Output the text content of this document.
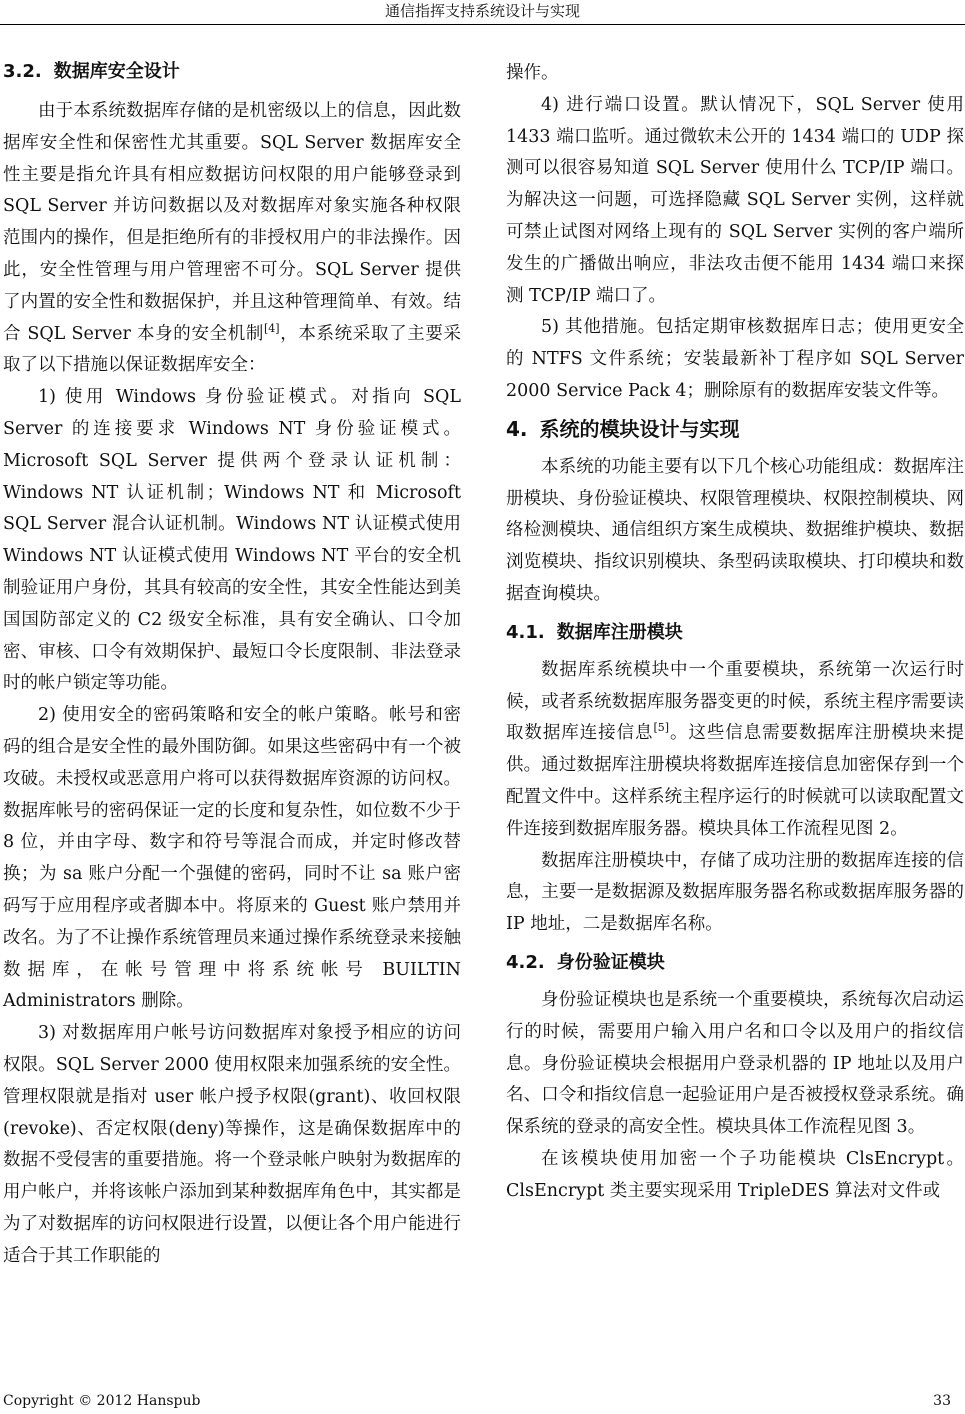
通信指挥支持系统设计与实现
3.2. 数据库安全设计

由于本系统数据库存储的是机密级以上的信息，因此数据库安全性和保密性尤其重要。SQL Server 数据库安全性主要是指允许具有相应数据访问权限的用户能够登录到 SQL Server 并访问数据以及对数据库对象实施各种权限范围内的操作，但是拒绝所有的非授权用户的非法操作。因此，安全性管理与用户管理密不可分。SQL Server 提供了内置的安全性和数据保护，并且这种管理简单、有效。结合 SQL Server 本身的安全机制[4]，本系统采取了主要采取了以下措施以保证数据库安全：

1) 使用 Windows 身份验证模式。对指向 SQL Server 的连接要求 Windows NT 身份验证模式。Microsoft SQL Server 提供两个登录认证机制：Windows NT 认证机制；Windows NT 和 Microsoft SQL Server 混合认证机制。Windows NT 认证模式使用 Windows NT 认证模式使用 Windows NT 平台的安全机制验证用户身份，其具有较高的安全性，其安全性能达到美国国防部定义的 C2 级安全标准，具有安全确认、口令加密、审核、口令有效期保护、最短口令长度限制、非法登录时的帐户锁定等功能。

2) 使用安全的密码策略和安全的帐户策略。帐号和密码的组合是安全性的最外围防御。如果这些密码中有一个被攻破。未授权或恶意用户将可以获得数据库资源的访问权。数据库帐号的密码保证一定的长度和复杂性，如位数不少于 8 位，并由字母、数字和符号等混合而成，并定时修改替换；为 sa 账户分配一个强健的密码，同时不让 sa 账户密码写于应用程序或者脚本中。将原来的 Guest 账户禁用并改名。为了不让操作系统管理员来通过操作系统登录来接触数据库，在帐号管理中将系统帐号 BUILTIN Administrators 删除。

3) 对数据库用户帐号访问数据库对象授予相应的访问权限。SQL Server 2000 使用权限来加强系统的安全性。管理权限就是指对 user 帐户授予权限(grant)、收回权限(revoke)、否定权限(deny)等操作，这是确保数据库中的数据不受侵害的重要措施。将一个登录帐户映射为数据库的用户帐户，并将该帐户添加到某种数据库角色中，其实都是为了对数据库的访问权限进行设置，以便让各个用户能进行适合于其工作职能的

操作。

4) 进行端口设置。默认情况下，SQL Server 使用 1433 端口监听。通过微软未公开的 1434 端口的 UDP 探测可以很容易知道 SQL Server 使用什么 TCP/IP 端口。为解决这一问题，可选择隐藏 SQL Server 实例，这样就可禁止试图对网络上现有的 SQL Server 实例的客户端所发生的广播做出响应，非法攻击便不能用 1434 端口来探测 TCP/IP 端口了。

5) 其他措施。包括定期审核数据库日志；使用更安全的 NTFS 文件系统；安装最新补丁程序如 SQL Server 2000 Service Pack 4；删除原有的数据库安装文件等。

4. 系统的模块设计与实现

本系统的功能主要有以下几个核心功能组成：数据库注册模块、身份验证模块、权限管理模块、权限控制模块、网络检测模块、通信组织方案生成模块、数据维护模块、数据浏览模块、指纹识别模块、条型码读取模块、打印模块和数据查询模块。

4.1. 数据库注册模块

数据库系统模块中一个重要模块，系统第一次运行时候，或者系统数据库服务器变更的时候，系统主程序需要读取数据库连接信息[5]。这些信息需要数据库注册模块来提供。通过数据库注册模块将数据库连接信息加密保存到一个配置文件中。这样系统主程序运行的时候就可以读取配置文件连接到数据库服务器。模块具体工作流程见图 2。

数据库注册模块中，存储了成功注册的数据库连接的信息，主要一是数据源及数据库服务器名称或数据库服务器的 IP 地址，二是数据库名称。

4.2. 身份验证模块

身份验证模块也是系统一个重要模块，系统每次启动运行的时候，需要用户输入用户名和口令以及用户的指纹信息。身份验证模块会根据用户登录机器的 IP 地址以及用户名、口令和指纹信息一起验证用户是否被授权登录系统。确保系统的登录的高安全性。模块具体工作流程见图 3。

在该模块使用加密一个子功能模块 ClsEncrypt。ClsEncrypt 类主要实现采用 TripleDES 算法对文件或

Copyright © 2012 Hanspub	33
